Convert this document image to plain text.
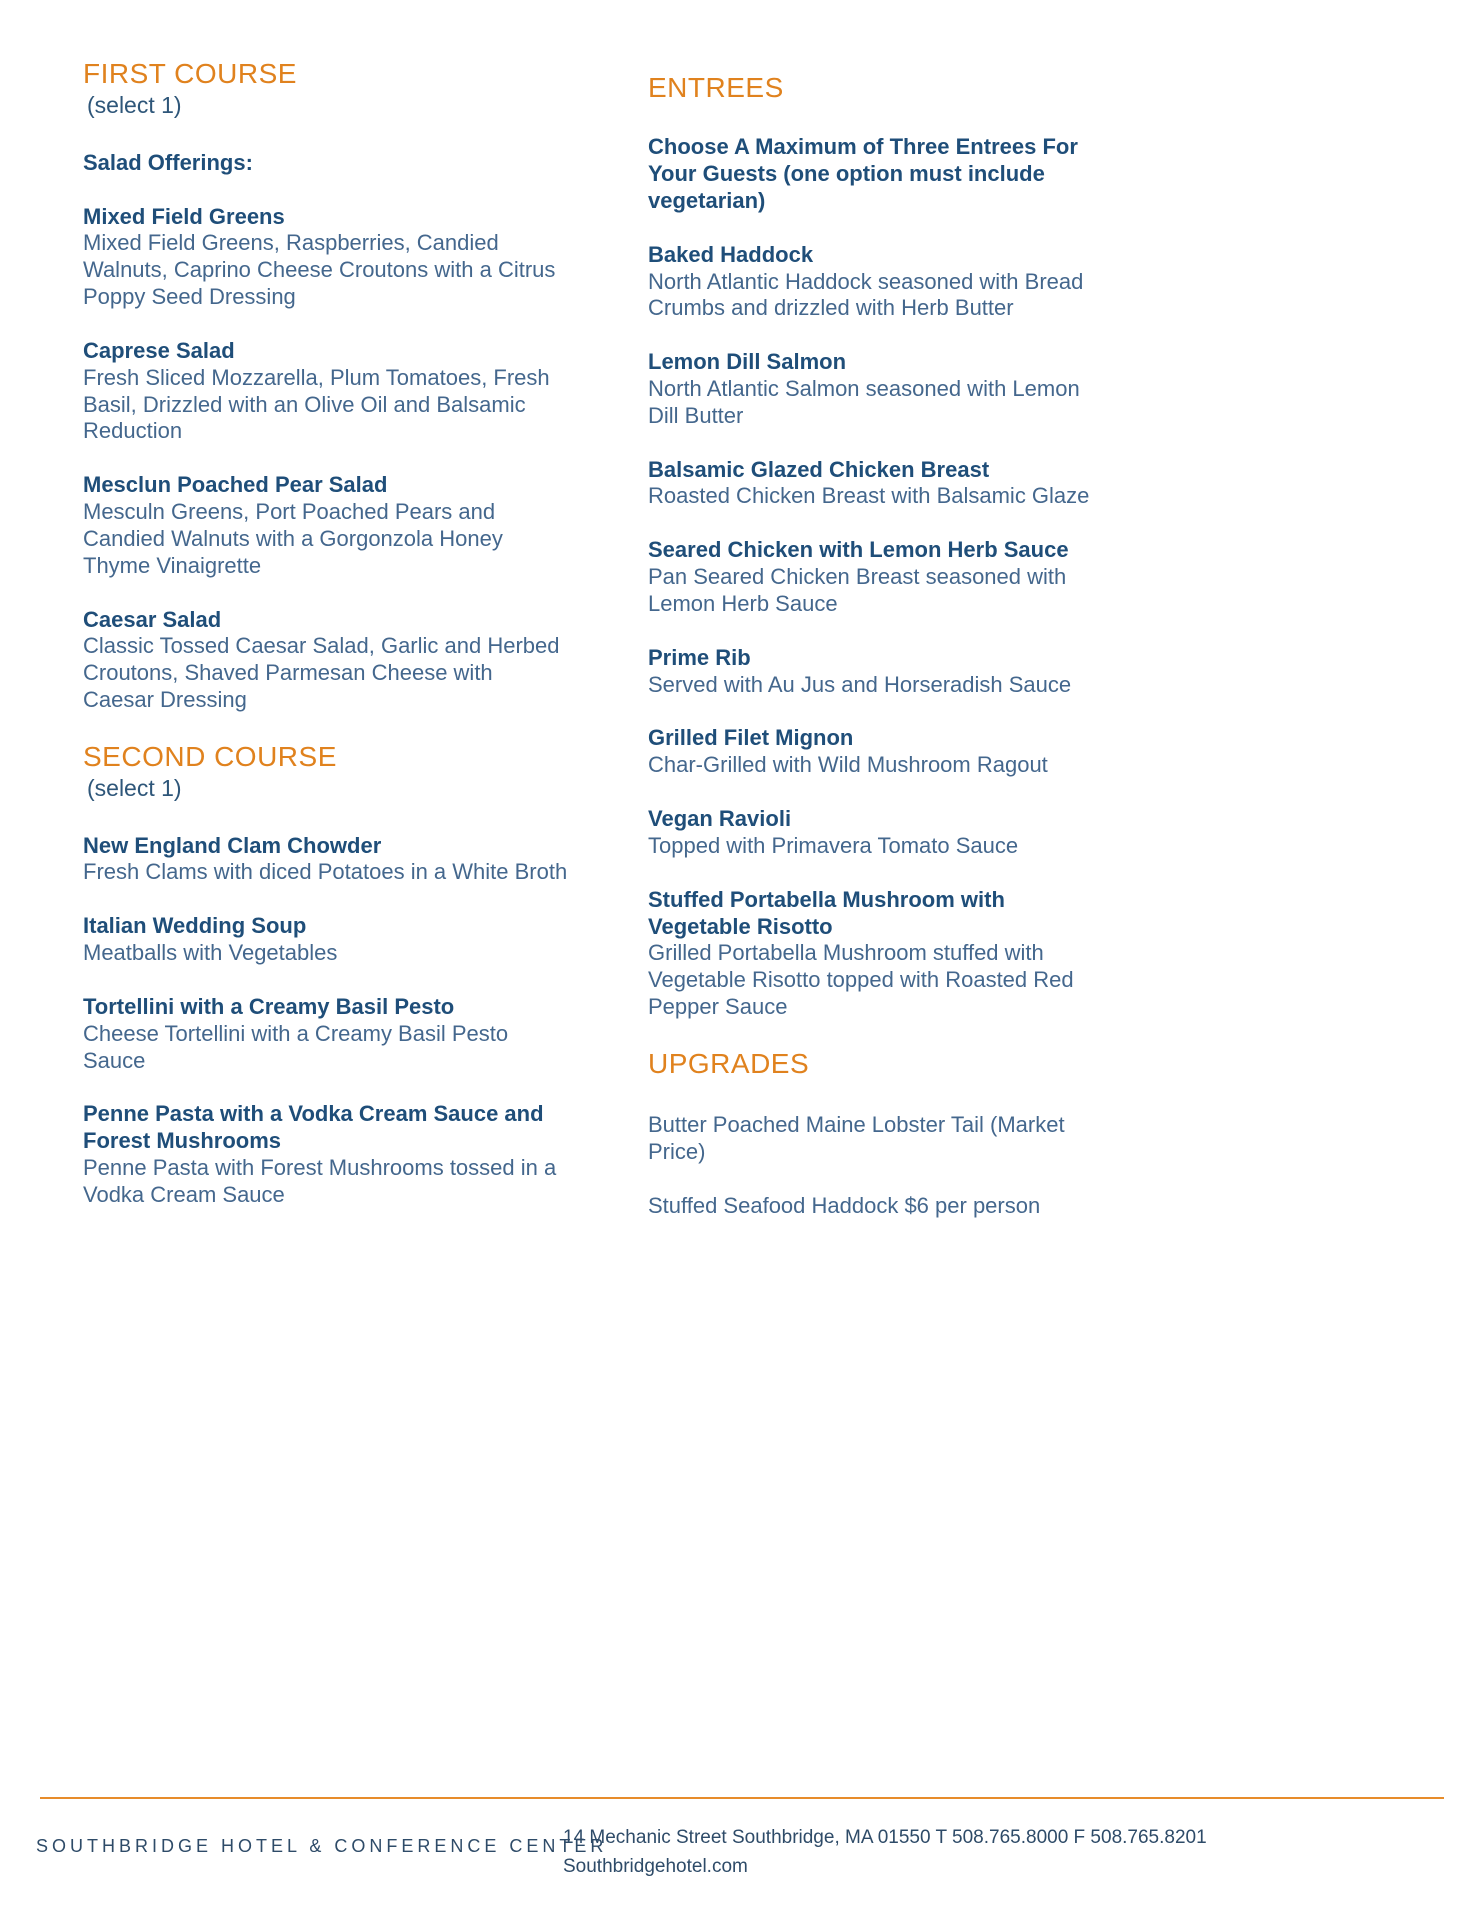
FIRST COURSE
(select 1)
Salad Offerings:
Mixed Field Greens
Mixed Field Greens, Raspberries, Candied Walnuts, Caprino Cheese Croutons with a Citrus Poppy Seed Dressing
Caprese Salad
Fresh Sliced Mozzarella, Plum Tomatoes, Fresh Basil, Drizzled with an Olive Oil and Balsamic Reduction
Mesclun Poached Pear Salad
Mesculn Greens, Port Poached Pears and Candied Walnuts with a Gorgonzola Honey Thyme Vinaigrette
Caesar Salad
Classic Tossed Caesar Salad, Garlic and Herbed Croutons, Shaved Parmesan Cheese with Caesar Dressing
SECOND COURSE
(select 1)
New England Clam Chowder
Fresh Clams with diced Potatoes in a White Broth
Italian Wedding Soup
Meatballs with Vegetables
Tortellini with a Creamy Basil Pesto
Cheese Tortellini with a Creamy Basil Pesto Sauce
Penne Pasta with a Vodka Cream Sauce and Forest Mushrooms
Penne Pasta with Forest Mushrooms tossed in a Vodka Cream Sauce
ENTREES
Choose A Maximum of Three Entrees For Your Guests (one option must include vegetarian)
Baked Haddock
North Atlantic Haddock seasoned with Bread Crumbs and drizzled with Herb Butter
Lemon Dill Salmon
North Atlantic Salmon seasoned with Lemon Dill Butter
Balsamic Glazed Chicken Breast
Roasted Chicken Breast with Balsamic Glaze
Seared Chicken with Lemon Herb Sauce
Pan Seared Chicken Breast seasoned with Lemon Herb Sauce
Prime Rib
Served with Au Jus and Horseradish Sauce
Grilled Filet Mignon
Char-Grilled with Wild Mushroom Ragout
Vegan Ravioli
Topped with Primavera Tomato Sauce
Stuffed Portabella Mushroom with Vegetable Risotto
Grilled Portabella Mushroom stuffed with Vegetable Risotto topped with Roasted Red Pepper Sauce
UPGRADES
Butter Poached Maine Lobster Tail (Market Price)
Stuffed Seafood Haddock $6 per person
SOUTHBRIDGE HOTEL & CONFERENCE CENTER
14 Mechanic Street Southbridge, MA 01550 T 508.765.8000 F 508.765.8201
Southbridgehotel.com
